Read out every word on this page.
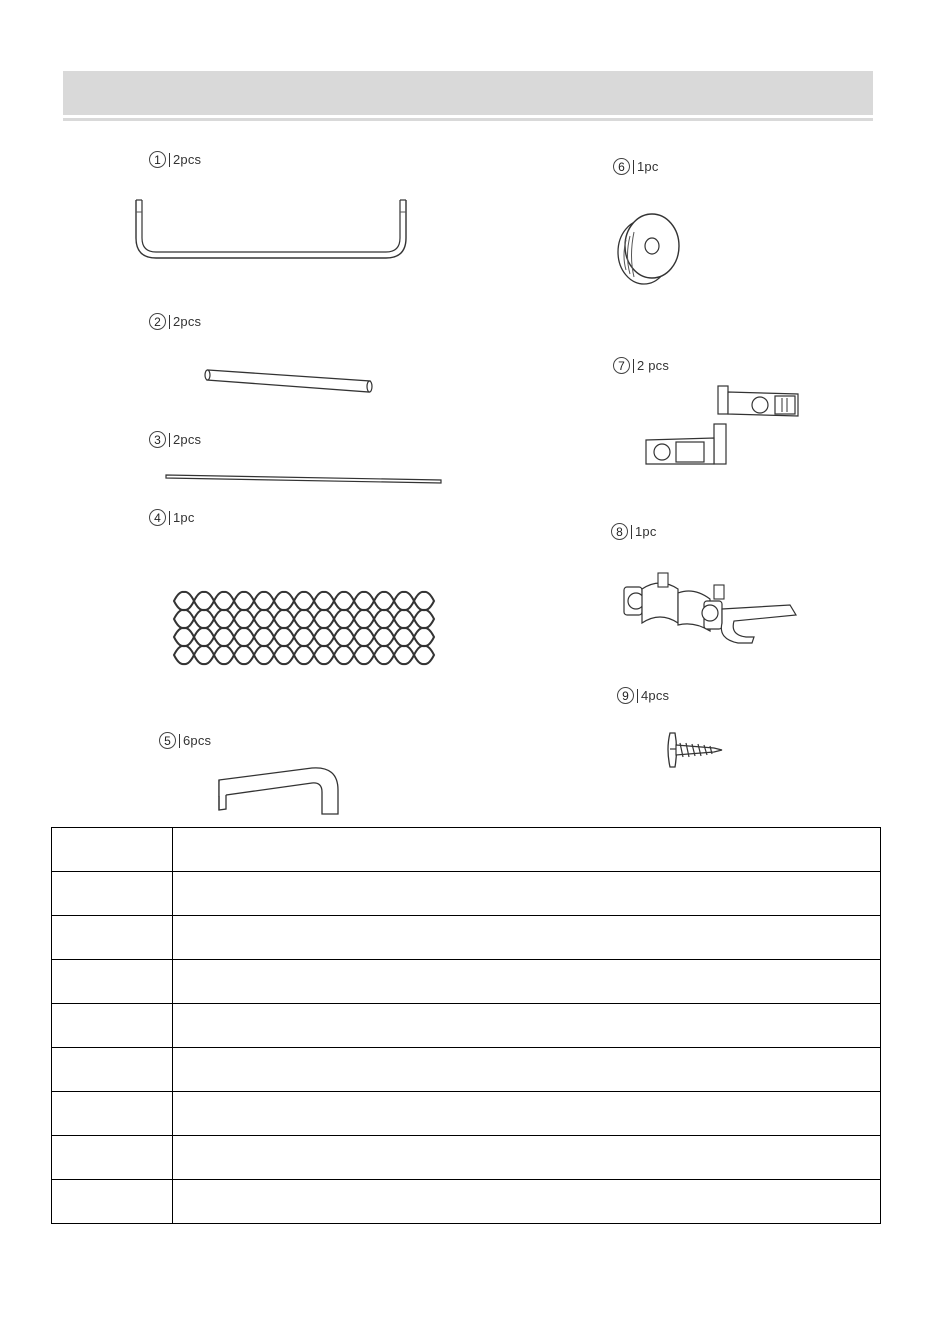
1 2pcs
2 2pcs
3 2pcs
4 1pc
5 6pcs
6 1pc
7 2 pcs
8 1pc
9 4pcs
